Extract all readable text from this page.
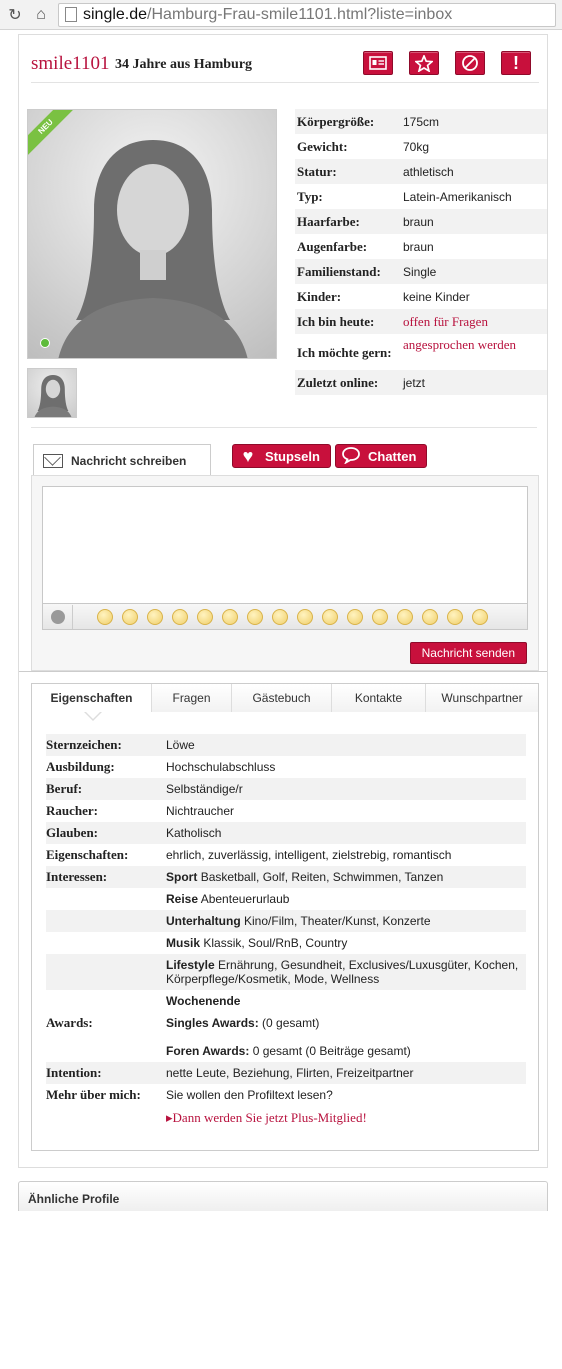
↻ ⌂ single.de/Hamburg-Frau-smile1101.html?liste=inbox
smile1101 34 Jahre aus Hamburg	!
NEU	Körpergröße:	175cm
Gewicht:	70kg
Statur:	athletisch
Typ:	Latein-Amerikanisch
Haarfarbe:	braun
Augenfarbe:	braun
Familienstand:	Single
Kinder:	keine Kinder
Ich bin heute:	offen für Fragen
Ich möchte gern: angesprochen werden
Zuletzt online:	jetzt
Nachricht schreiben	♥ Stupseln	Chatten
Nachricht senden
Eigenschaften	Fragen	Gästebuch	Kontakte	Wunschpartner
Sternzeichen:	Löwe
Ausbildung:	Hochschulabschluss
Beruf:	Selbständige/r
Raucher:	Nichtraucher
Glauben:	Katholisch
Eigenschaften:	ehrlich, zuverlässig, intelligent, zielstrebig, romantisch
Interessen:	Sport Basketball, Golf, Reiten, Schwimmen, Tanzen
Reise Abenteuerurlaub
Unterhaltung Kino/Film, Theater/Kunst, Konzerte
Musik Klassik, Soul/RnB, Country
Lifestyle Ernährung, Gesundheit, Exclusives/Luxusgüter, Kochen, Körperpflege/Kosmetik, Mode, Wellness
Wochenende
Awards:	Singles Awards: (0 gesamt)
Foren Awards: 0 gesamt (0 Beiträge gesamt)
Intention:	nette Leute, Beziehung, Flirten, Freizeitpartner
Mehr über mich:	Sie wollen den Profiltext lesen?
▸Dann werden Sie jetzt Plus-Mitglied!
Ähnliche Profile
